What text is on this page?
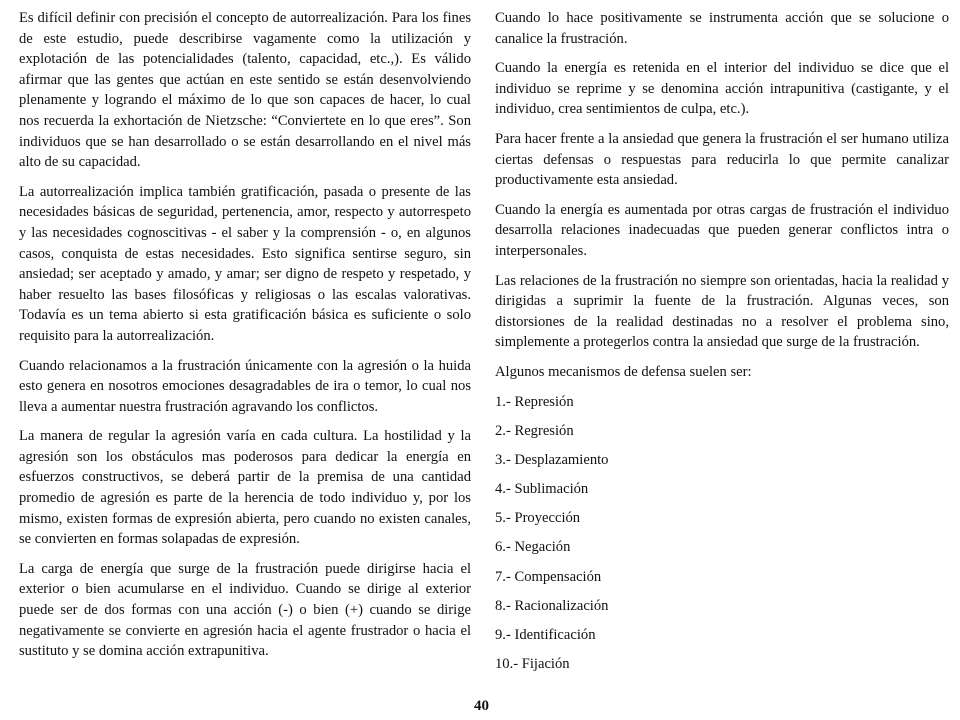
Es difícil definir con precisión el concepto de autorrealización. Para los fines de este estudio, puede describirse vagamente como la utilización y explotación de las potencialidades (talento, capacidad, etc.,). Es válido afirmar que las gentes que actúan en este sentido se están desenvolviendo plenamente y logrando el máximo de lo que son capaces de hacer, lo cual nos recuerda la exhortación de Nietzsche: “Conviertete en lo que eres”. Son individuos que se han desarrollado o se están desarrollando en el nivel más alto de su capacidad.

La autorrealización implica también gratificación, pasada o presente de las necesidades básicas de seguridad, pertenencia, amor, respecto y autorrespeto y las necesidades cognoscitivas - el saber y la comprensión - o, en algunos casos, conquista de estas necesidades. Esto significa sentirse seguro, sin ansiedad; ser aceptado y amado, y amar; ser digno de respeto y respetado, y haber resuelto las bases filosóficas y religiosas o las escalas valorativas. Todavía es un tema abierto si esta gratificación básica es suficiente o solo requisito para la autorrealización.

Cuando relacionamos a la frustración únicamente con la agresión o la huida esto genera en nosotros emociones desagradables de ira o temor, lo cual nos lleva a aumentar nuestra frustración agravando los conflictos.

La manera de regular la agresión varía en cada cultura. La hostilidad y la agresión son los obstáculos mas poderosos para dedicar la energía en esfuerzos constructivos, se deberá partir de la premisa de una cantidad promedio de agresión es parte de la herencia de todo individuo y, por los mismo, existen formas de expresión abierta, pero cuando no existen canales, se convierten en formas solapadas de expresión.

La carga de energía que surge de la frustración puede dirigirse hacia el exterior o bien acumularse en el individuo. Cuando se dirige al exterior puede ser de dos formas con una acción (-) o bien (+) cuando se dirige negativamente se convierte en agresión hacia el agente frustrador o hacia el sustituto y se domina acción extrapunitiva.

Cuando lo hace positivamente se instrumenta acción que se solucione o canalice la frustración.

Cuando la energía es retenida en el interior del individuo se dice que el individuo se reprime y se denomina acción intrapunitiva (castigante, y el individuo, crea sentimientos de culpa, etc.).

Para hacer frente a la ansiedad que genera la frustración el ser humano utiliza ciertas defensas o respuestas para reducirla lo que permite canalizar productivamente esta ansiedad.

Cuando la energía es aumentada por otras cargas de frustración el individuo desarrolla relaciones inadecuadas que pueden generar conflictos intra o interpersonales.

Las relaciones de la frustración no siempre son orientadas, hacia la realidad y dirigidas a suprimir la fuente de la frustración. Algunas veces, son distorsiones de la realidad destinadas no a resolver el problema sino, simplemente a protegerlos contra la ansiedad que surge de la frustración.

Algunos mecanismos de defensa suelen ser:

1.- Represión
2.- Regresión
3.- Desplazamiento
4.- Sublimación
5.- Proyección
6.- Negación
7.- Compensación
8.- Racionalización
9.- Identificación
10.- Fijación
40
